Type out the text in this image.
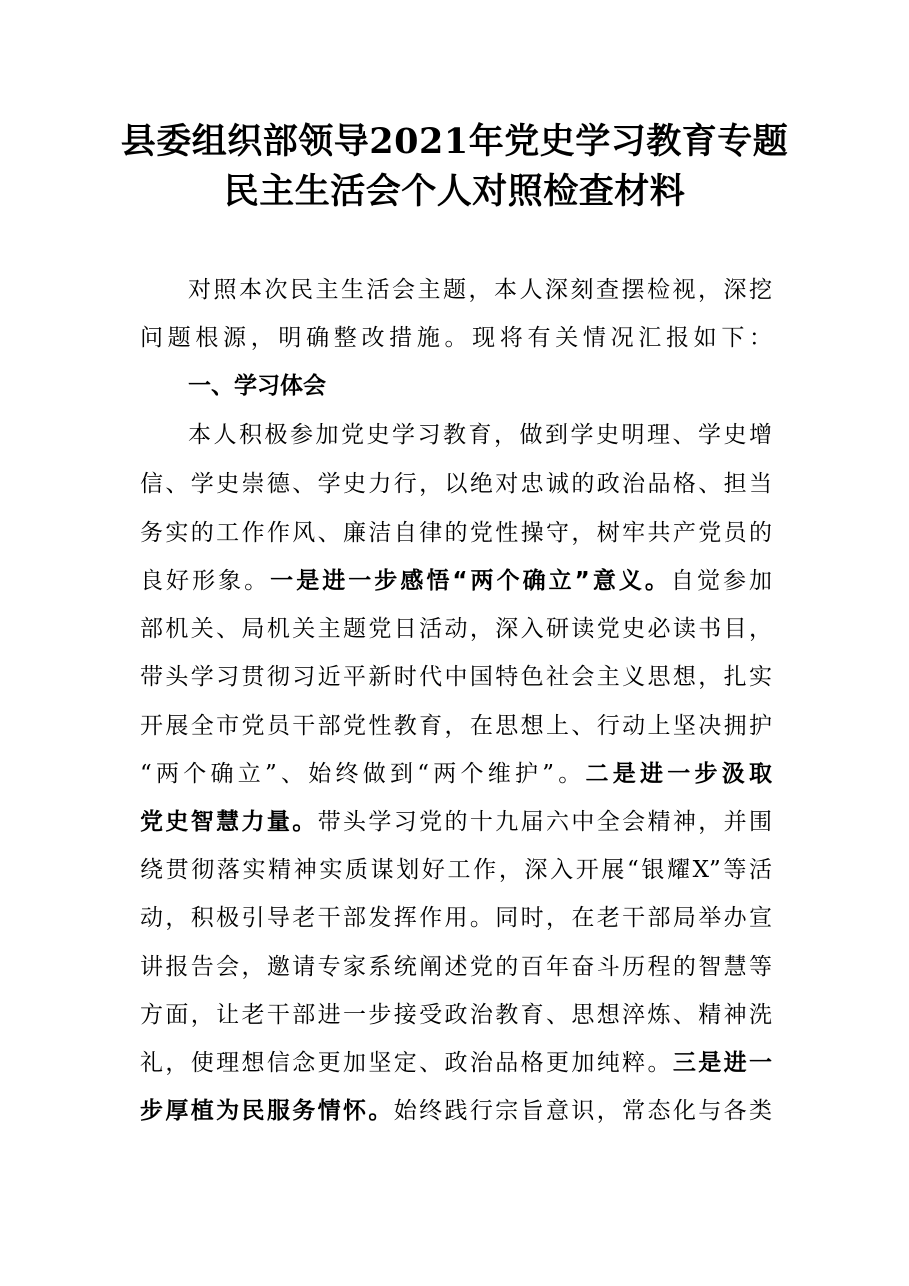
县委组织部领导2021年党史学习教育专题
民主生活会个人对照检查材料
对照本次民主生活会主题，本人深刻查摆检视，深挖
问题根源，明确整改措施。现将有关情况汇报如下：
一、学习体会
本人积极参加党史学习教育，做到学史明理、学史增
信、学史崇德、学史力行，以绝对忠诚的政治品格、担当
务实的工作作风、廉洁自律的党性操守，树牢共产党员的
良好形象。一是进一步感悟“两个确立”意义。自觉参加
部机关、局机关主题党日活动，深入研读党史必读书目，
带头学习贯彻习近平新时代中国特色社会主义思想，扎实
开展全市党员干部党性教育，在思想上、行动上坚决拥护
“两个确立”、始终做到“两个维护”。二是进一步汲取
党史智慧力量。带头学习党的十九届六中全会精神，并围
绕贯彻落实精神实质谋划好工作，深入开展“银耀X”等活
动，积极引导老干部发挥作用。同时，在老干部局举办宣
讲报告会，邀请专家系统阐述党的百年奋斗历程的智慧等
方面，让老干部进一步接受政治教育、思想淬炼、精神洗
礼，使理想信念更加坚定、政治品格更加纯粹。三是进一
步厚植为民服务情怀。始终践行宗旨意识，常态化与各类
